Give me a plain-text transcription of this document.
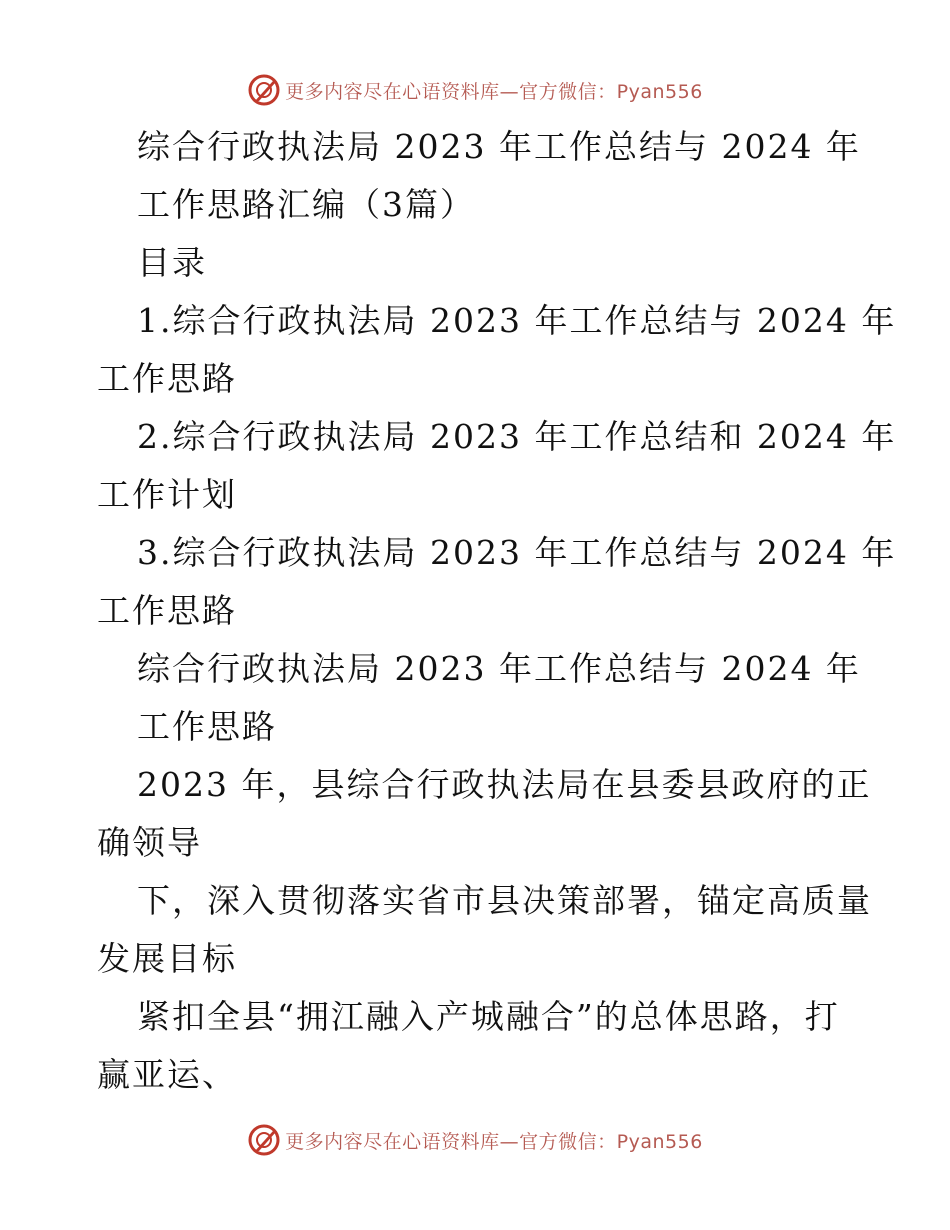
更多内容尽在心语资料库—官方微信：Pyan556
综合行政执法局 2023 年工作总结与 2024 年
工作思路汇编（3篇）
目录
1.综合行政执法局 2023 年工作总结与 2024 年
工作思路
2.综合行政执法局 2023 年工作总结和 2024 年
工作计划
3.综合行政执法局 2023 年工作总结与 2024 年
工作思路
综合行政执法局 2023 年工作总结与 2024 年
工作思路
2023 年，县综合行政执法局在县委县政府的正
确领导
下，深入贯彻落实省市县决策部署，锚定高质量
发展目标
紧扣全县“拥江融入产城融合”的总体思路，打
赢亚运、
更多内容尽在心语资料库—官方微信：Pyan556
